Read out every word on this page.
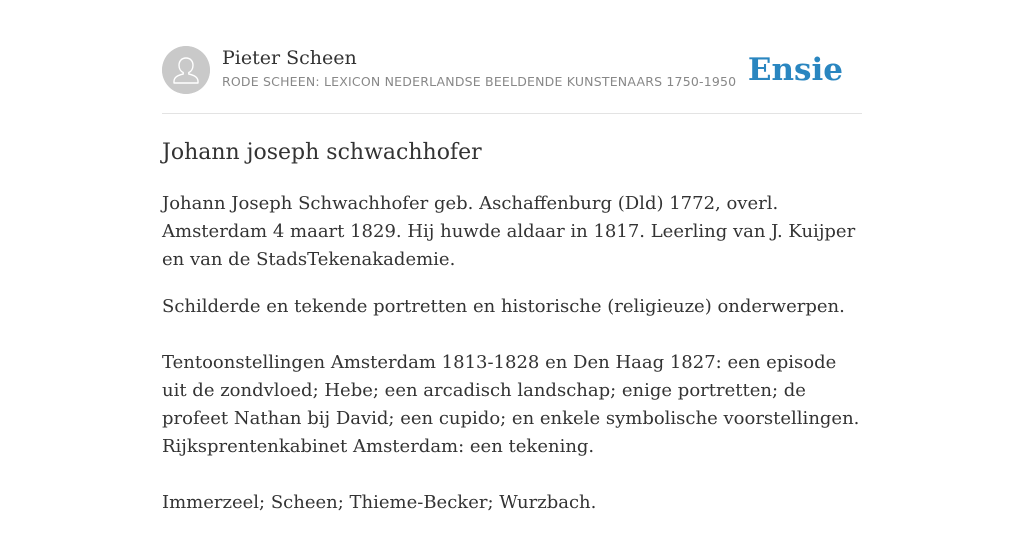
Pieter Scheen
RODE SCHEEN: LEXICON NEDERLANDSE BEELDENDE KUNSTENAARS 1750-1950 Ensie
Johann joseph schwachhofer

Johann Joseph Schwachhofer geb. Aschaffenburg (Dld) 1772, overl. Amsterdam 4 maart 1829. Hij huwde aldaar in 1817. Leerling van J. Kuijper en van de StadsTekenakademie.

Schilderde en tekende portretten en historische (religieuze) onderwerpen.

Tentoonstellingen Amsterdam 1813-1828 en Den Haag 1827: een episode uit de zondvloed; Hebe; een arcadisch landschap; enige portretten; de profeet Nathan bij David; een cupido; en enkele symbolische voorstellingen. Rijksprentenkabinet Amsterdam: een tekening.

Immerzeel; Scheen; Thieme-Becker; Wurzbach.
